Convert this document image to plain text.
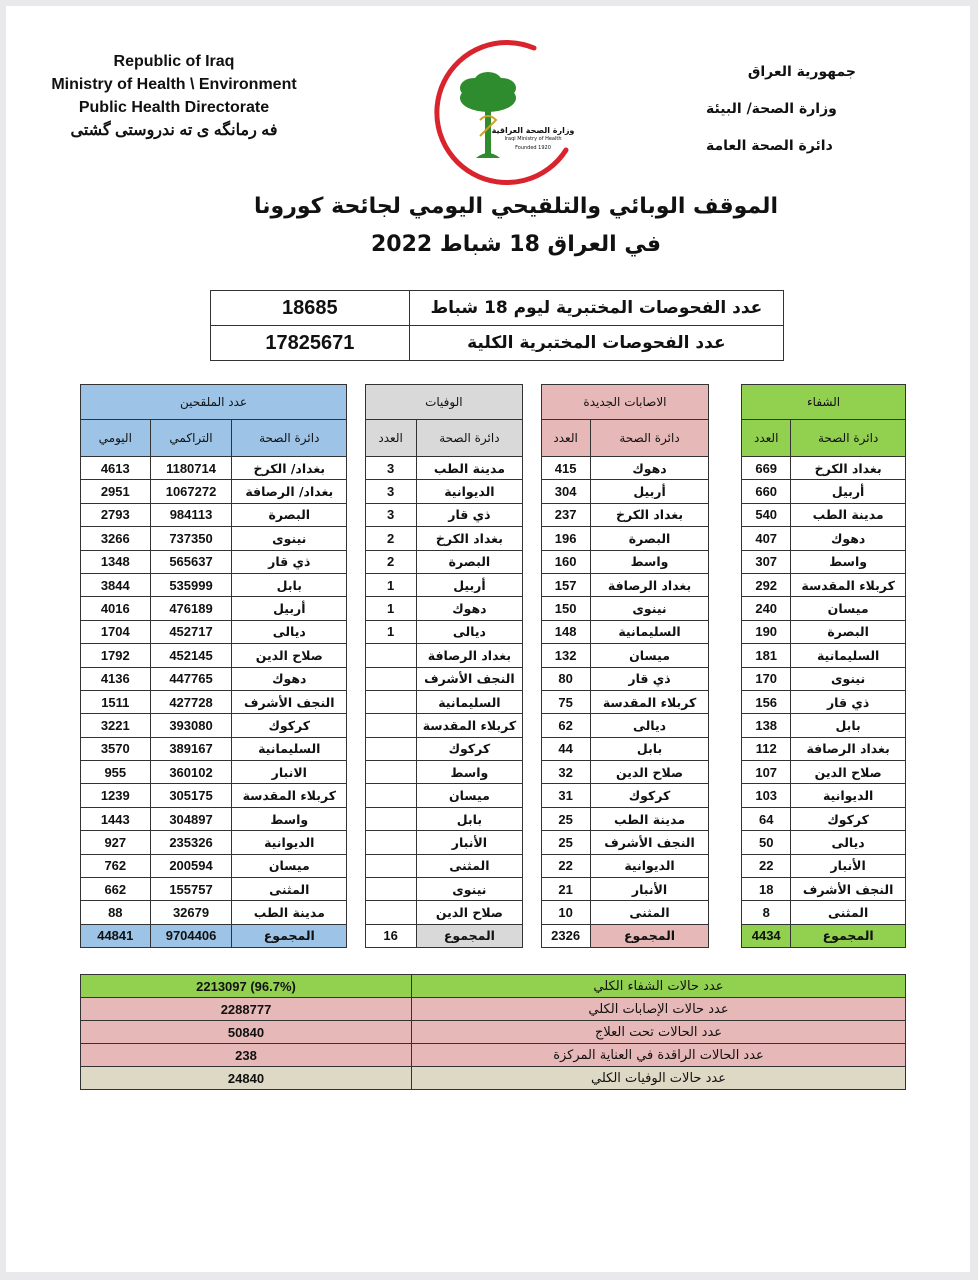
Republic of Iraq
Ministry of Health \ Environment
Public Health Directorate
فه رمانگه ی ته ندروستی گشتی	وزارة الصحة العراقية
Iraqi Ministry of Health
Founded 1920
جمهورية العراق
وزارة الصحة/ البيئة
دائرة الصحة العامة
الموقف الوبائي والتلقيحي اليومي لجائحة كورونا
في العراق 18 شباط 2022
18685	عدد الفحوصات المختبرية ليوم 18 شباط
17825671	عدد الفحوصات المختبرية الكلية
عدد الملقحين				الوفيات			الاصابات الجديدة			الشفاء	
اليومي	التراكمي	دائرة الصحة		العدد	دائرة الصحة		العدد	دائرة الصحة		العدد	دائرة الصحة
4613	1180714	بغداد/ الكرخ		3	مدينة الطب		415	دهوك		669	بغداد الكرخ
2951	1067272	بغداد/ الرصافة		3	الديوانية		304	أربيل		660	أربيل
2793	984113	البصرة		3	ذي قار		237	بغداد الكرخ		540	مدينة الطب
3266	737350	نينوى		2	بغداد الكرخ		196	البصرة		407	دهوك
1348	565637	ذي قار		2	البصرة		160	واسط		307	واسط
3844	535999	بابل		1	أربيل		157	بغداد الرصافة		292	كربلاء المقدسة
4016	476189	أربيل		1	دهوك		150	نينوى		240	ميسان
1704	452717	ديالى		1	ديالى		148	السليمانية		190	البصرة
1792	452145	صلاح الدين			بغداد الرصافة		132	ميسان		181	السليمانية
4136	447765	دهوك			النجف الأشرف		80	ذي قار		170	نينوى
1511	427728	النجف الأشرف			السليمانية		75	كربلاء المقدسة		156	ذي قار
3221	393080	كركوك			كربلاء المقدسة		62	ديالى		138	بابل
3570	389167	السليمانية			كركوك		44	بابل		112	بغداد الرصافة
955	360102	الانبار			واسط		32	صلاح الدين		107	صلاح الدين
1239	305175	كربلاء المقدسة			ميسان		31	كركوك		103	الديوانية
1443	304897	واسط			بابل		25	مدينة الطب		64	كركوك
927	235326	الديوانية			الأنبار		25	النجف الأشرف		50	ديالى
762	200594	ميسان			المثنى		22	الديوانية		22	الأنبار
662	155757	المثنى			نينوى		21	الأنبار		18	النجف الأشرف
88	32679	مدينة الطب			صلاح الدين		10	المثنى		8	المثنى
44841	9704406	المجموع		16	المجموع		2326	المجموع		4434	المجموع
2213097 (96.7%)	عدد حالات الشفاء الكلي
2288777	عدد حالات الإصابات الكلي
50840	عدد الحالات تحت العلاج
238	عدد الحالات الراقدة في العناية المركزة
24840	عدد حالات الوفيات الكلي
